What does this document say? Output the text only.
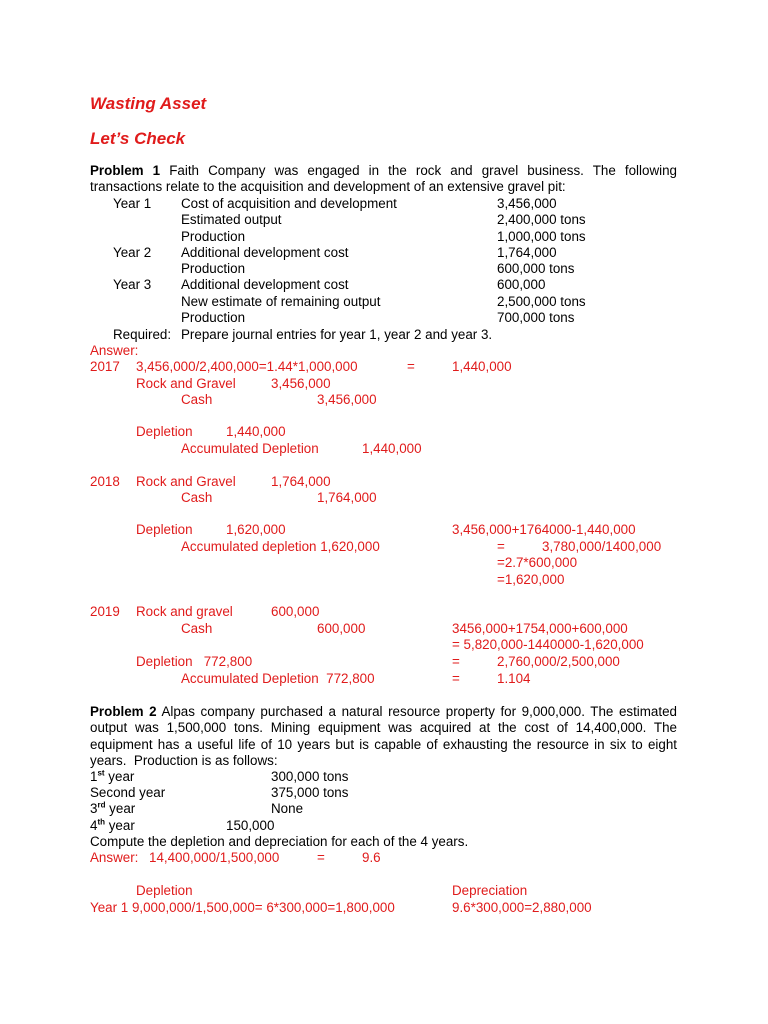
Wasting Asset
Let’s Check
Problem 1 Faith Company was engaged in the rock and gravel business. The following
transactions relate to the acquisition and development of an extensive gravel pit:
Year 1 Cost of acquisition and development	3,456,000
Estimated output	2,400,000 tons
Production	1,000,000 tons
Year 2 Additional development cost	1,764,000
Production	600,000 tons
Year 3 Additional development cost	600,000
New estimate of remaining output	2,500,000 tons
Production	700,000 tons
Required: Prepare journal entries for year 1, year 2 and year 3.
Answer:
2017 3,456,000/2,400,000=1.44*1,000,000	=	1,440,000
Rock and Gravel	3,456,000
Cash	3,456,000
Depletion 1,440,000
Accumulated Depletion	1,440,000
2018 Rock and Gravel	1,764,000
Cash	1,764,000
Depletion 1,620,000
Accumulated depletion 1,620,000
3,456,000+1764000-1,440,000
=	3,780,000/1400,000
=2.7*600,000
=1,620,000
2019 Rock and gravel	600,000
Cash	600,000
Depletion   772,800
Accumulated Depletion  772,800
3456,000+1754,000+600,000
= 5,820,000-1440000-1,620,000
=	2,760,000/2,500,000
=	1.104
Problem 2 Alpas company purchased a natural resource property for 9,000,000. The estimated
output was 1,500,000 tons. Mining equipment was acquired at the cost of 14,400,000. The
equipment has a useful life of 10 years but is capable of exhausting the resource in six to eight
years.  Production is as follows:
1st year	300,000 tons
Second year	375,000 tons
3rd year	None
4th year	150,000
Compute the depletion and depreciation for each of the 4 years.
Answer: 14,400,000/1,500,000	=	9.6
Depletion	Depreciation
Year 1 9,000,000/1,500,000= 6*300,000=1,800,000	9.6*300,000=2,880,000
